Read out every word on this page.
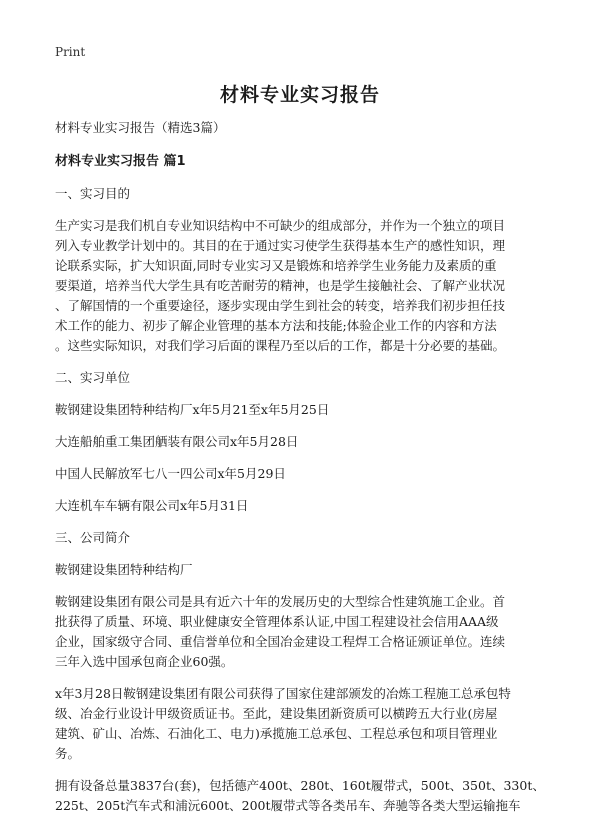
Print
材料专业实习报告

材料专业实习报告（精选3篇）

材料专业实习报告 篇1

一、实习目的

生产实习是我们机自专业知识结构中不可缺少的组成部分，并作为一个独立的项目
列入专业教学计划中的。其目的在于通过实习使学生获得基本生产的感性知识，理
论联系实际，扩大知识面,同时专业实习又是锻炼和培养学生业务能力及素质的重
要渠道，培养当代大学生具有吃苦耐劳的精神，也是学生接触社会、了解产业状况
、了解国情的一个重要途径，逐步实现由学生到社会的转变，培养我们初步担任技
术工作的能力、初步了解企业管理的基本方法和技能;体验企业工作的内容和方法
。这些实际知识，对我们学习后面的课程乃至以后的工作，都是十分必要的基础。

二、实习单位

鞍钢建设集团特种结构厂x年5月21至x年5月25日

大连船舶重工集团舾装有限公司x年5月28日

中国人民解放军七八一四公司x年5月29日

大连机车车辆有限公司x年5月31日

三、公司简介

鞍钢建设集团特种结构厂

鞍钢建设集团有限公司是具有近六十年的发展历史的大型综合性建筑施工企业。首
批获得了质量、环境、职业健康安全管理体系认证,中国工程建设社会信用AAA级
企业，国家级守合同、重信誉单位和全国冶金建设工程焊工合格证颁证单位。连续
三年入选中国承包商企业60强。

x年3月28日鞍钢建设集团有限公司获得了国家住建部颁发的冶炼工程施工总承包特
级、冶金行业设计甲级资质证书。至此，建设集团新资质可以横跨五大行业(房屋
建筑、矿山、冶炼、石油化工、电力)承揽施工总承包、工程总承包和项目管理业
务。

拥有设备总量3837台(套)，包括德产400t、280t、160t履带式，500t、350t、330t、
225t、205t汽车式和浦沅600t、200t履带式等各类吊车、奔驰等各类大型运输拖车
